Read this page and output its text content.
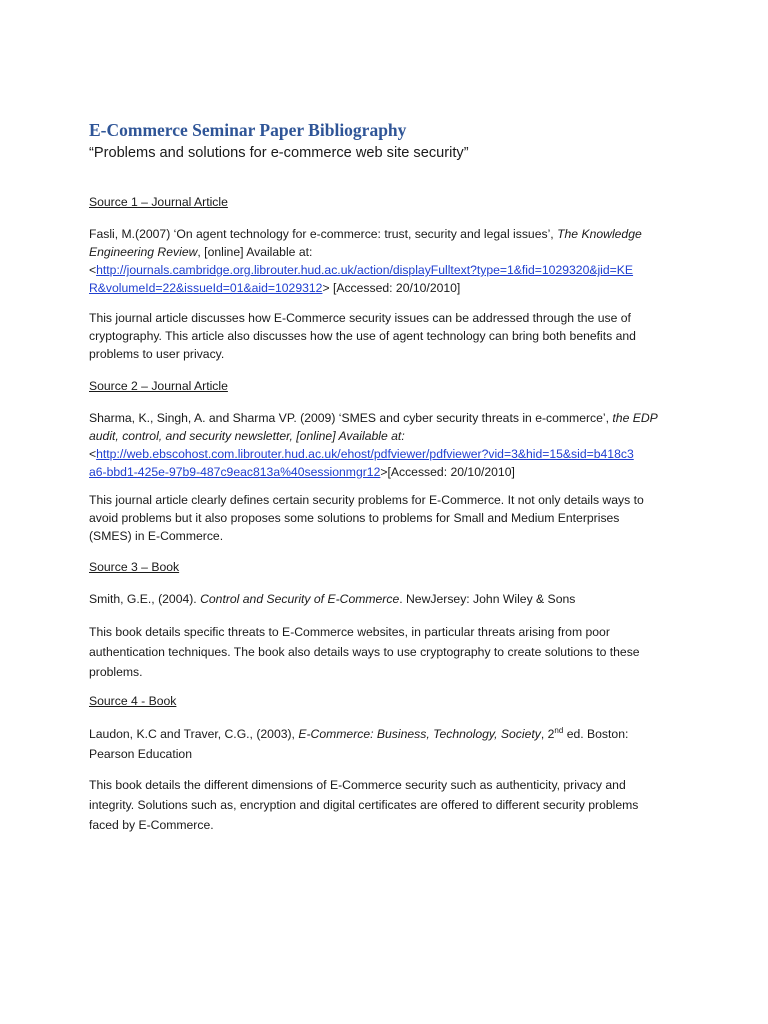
E-Commerce Seminar Paper Bibliography
“Problems and solutions for e-commerce web site security”
Source 1 – Journal Article
Fasli, M.(2007) ‘On agent technology for e-commerce: trust, security and legal issues’, The Knowledge
Engineering Review, [online] Available at:
<http://journals.cambridge.org.librouter.hud.ac.uk/action/displayFulltext?type=1&fid=1029320&jid=KE
R&volumeId=22&issueId=01&aid=1029312> [Accessed: 20/10/2010]
This journal article discusses how E-Commerce security issues can be addressed through the use of
cryptography. This article also discusses how the use of agent technology can bring both benefits and
problems to user privacy.
Source 2 – Journal Article
Sharma, K., Singh, A. and Sharma VP. (2009) ‘SMES and cyber security threats in e-commerce’, the EDP
audit, control, and security newsletter, [online] Available at:
<http://web.ebscohost.com.librouter.hud.ac.uk/ehost/pdfviewer/pdfviewer?vid=3&hid=15&sid=b418c3
a6-bbd1-425e-97b9-487c9eac813a%40sessionmgr12>[Accessed: 20/10/2010]
This journal article clearly defines certain security problems for E-Commerce. It not only details ways to
avoid problems but it also proposes some solutions to problems for Small and Medium Enterprises
(SMES) in E-Commerce.
Source 3 – Book
Smith, G.E., (2004). Control and Security of E-Commerce. NewJersey: John Wiley & Sons
This book details specific threats to E-Commerce websites, in particular threats arising from poor
authentication techniques. The book also details ways to use cryptography to create solutions to these
problems.
Source 4 - Book
Laudon, K.C and Traver, C.G., (2003), E-Commerce: Business, Technology, Society, 2nd ed. Boston:
Pearson Education
This book details the different dimensions of E-Commerce security such as authenticity, privacy and
integrity. Solutions such as, encryption and digital certificates are offered to different security problems
faced by E-Commerce.
